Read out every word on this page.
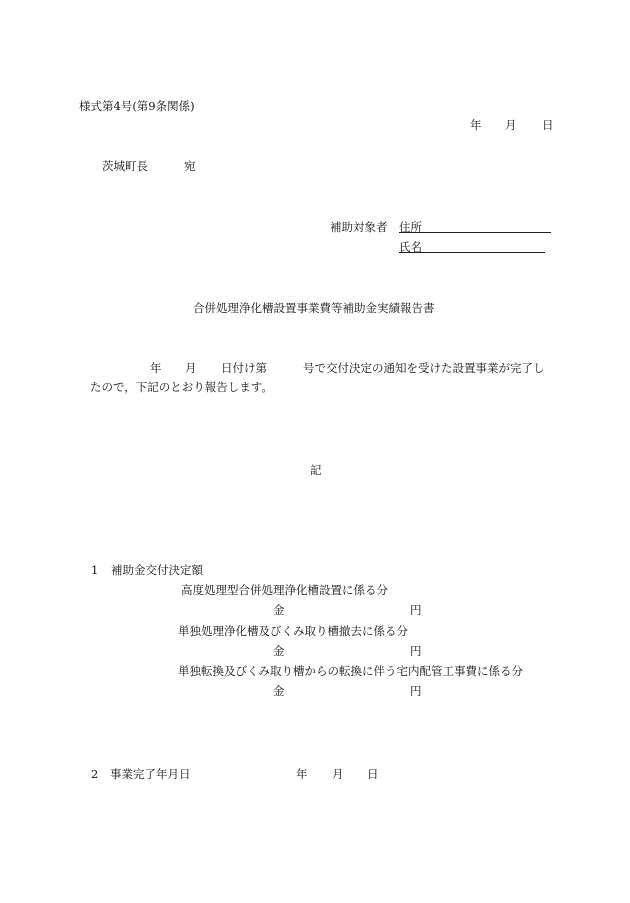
様式第4号(第9条関係)
年 月 日
茨城町長	宛
補助対象者 住所
氏名
合併処理浄化槽設置事業費等補助金実績報告書
年 月 日付け第	号で交付決定の通知を受けた設置事業が完了し
たので，下記のとおり報告します。
記
1 補助金交付決定額
高度処理型合併処理浄化槽設置に係る分
金	円
単独処理浄化槽及びくみ取り槽撤去に係る分
金	円
単独転換及びくみ取り槽からの転換に伴う宅内配管工事費に係る分
金	円
2 事業完了年月日	年 月 日
